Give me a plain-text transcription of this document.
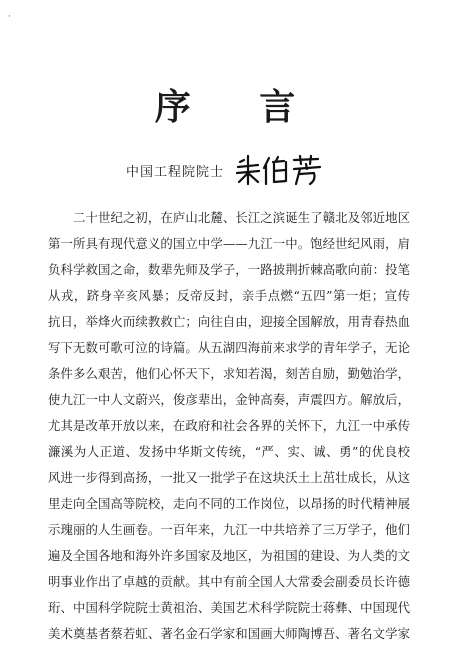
·
序 言
中国工程院院士
二十世纪之初，在庐山北麓、长江之滨诞生了赣北及邻近地区
第一所具有现代意义的国立中学——九江一中。饱经世纪风雨，肩
负科学救国之命，数辈先师及学子，一路披荆折棘高歌向前：投笔
从戎，跻身辛亥风暴；反帝反封，亲手点燃“五四”第一炬；宣传
抗日，举烽火而续教救亡；向往自由，迎接全国解放，用青春热血
写下无数可歌可泣的诗篇。从五湖四海前来求学的青年学子，无论
条件多么艰苦，他们心怀天下，求知若渴，刻苦自励，勤勉治学，
使九江一中人文蔚兴，俊彦辈出，金钟高奏，声震四方。解放后，
尤其是改革开放以来，在政府和社会各界的关怀下，九江一中承传
濂溪为人正道、发扬中华斯文传统，“严、实、诚、勇”的优良校
风进一步得到高扬，一批又一批学子在这块沃土上茁壮成长，从这
里走向全国高等院校，走向不同的工作岗位，以昂扬的时代精神展
示瑰丽的人生画卷。一百年来，九江一中共培养了三万学子，他们
遍及全国各地和海外许多国家及地区，为祖国的建设、为人类的文
明事业作出了卓越的贡献。其中有前全国人大常委会副委员长许德
珩、中国科学院院士黄祖治、美国艺术科学院院士蒋彝、中国现代
美术奠基者蔡若虹、著名金石学家和国画大师陶博吾、著名文学家
